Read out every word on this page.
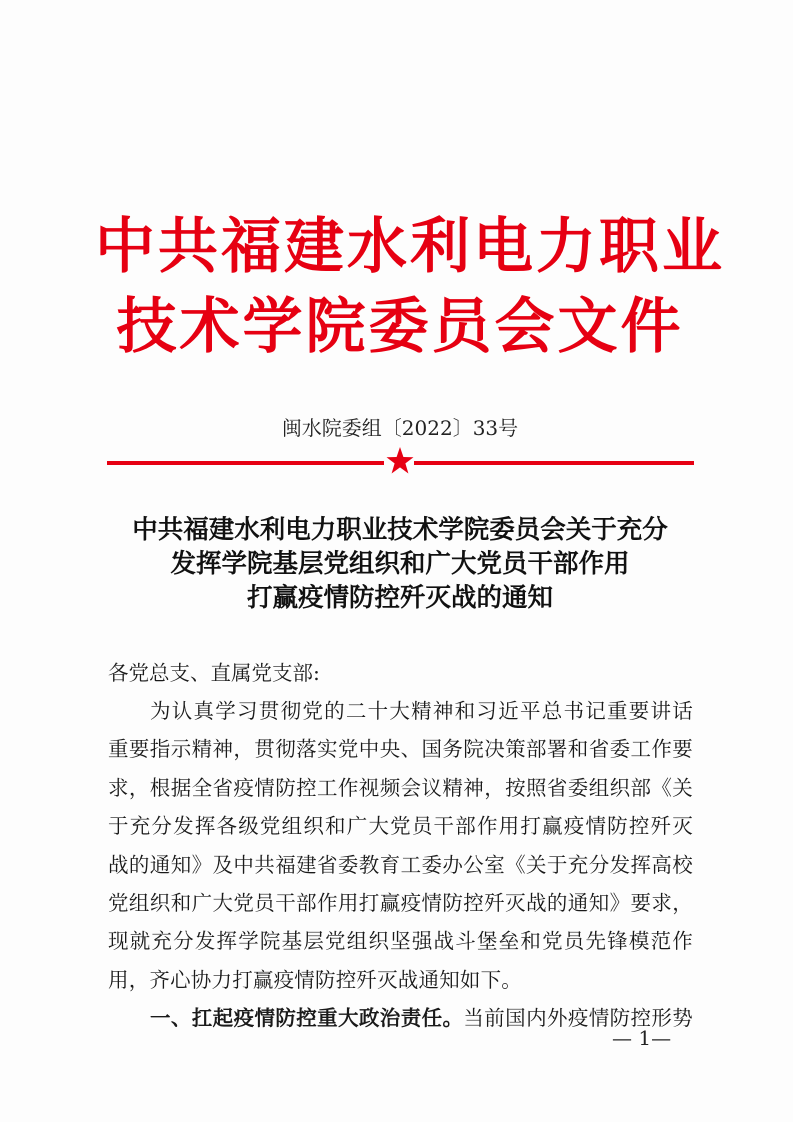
中共福建水利电力职业
技术学院委员会文件
闽水院委组〔2022〕33号
中共福建水利电力职业技术学院委员会关于充分
发挥学院基层党组织和广大党员干部作用
打赢疫情防控歼灭战的通知
各党总支、直属党支部:
为认真学习贯彻党的二十大精神和习近平总书记重要讲话
重要指示精神，贯彻落实党中央、国务院决策部署和省委工作要
求，根据全省疫情防控工作视频会议精神，按照省委组织部《关
于充分发挥各级党组织和广大党员干部作用打赢疫情防控歼灭
战的通知》及中共福建省委教育工委办公室《关于充分发挥高校
党组织和广大党员干部作用打赢疫情防控歼灭战的通知》要求，
现就充分发挥学院基层党组织坚强战斗堡垒和党员先锋模范作
用，齐心协力打赢疫情防控歼灭战通知如下。
一、扛起疫情防控重大政治责任。当前国内外疫情防控形势
— 1—
